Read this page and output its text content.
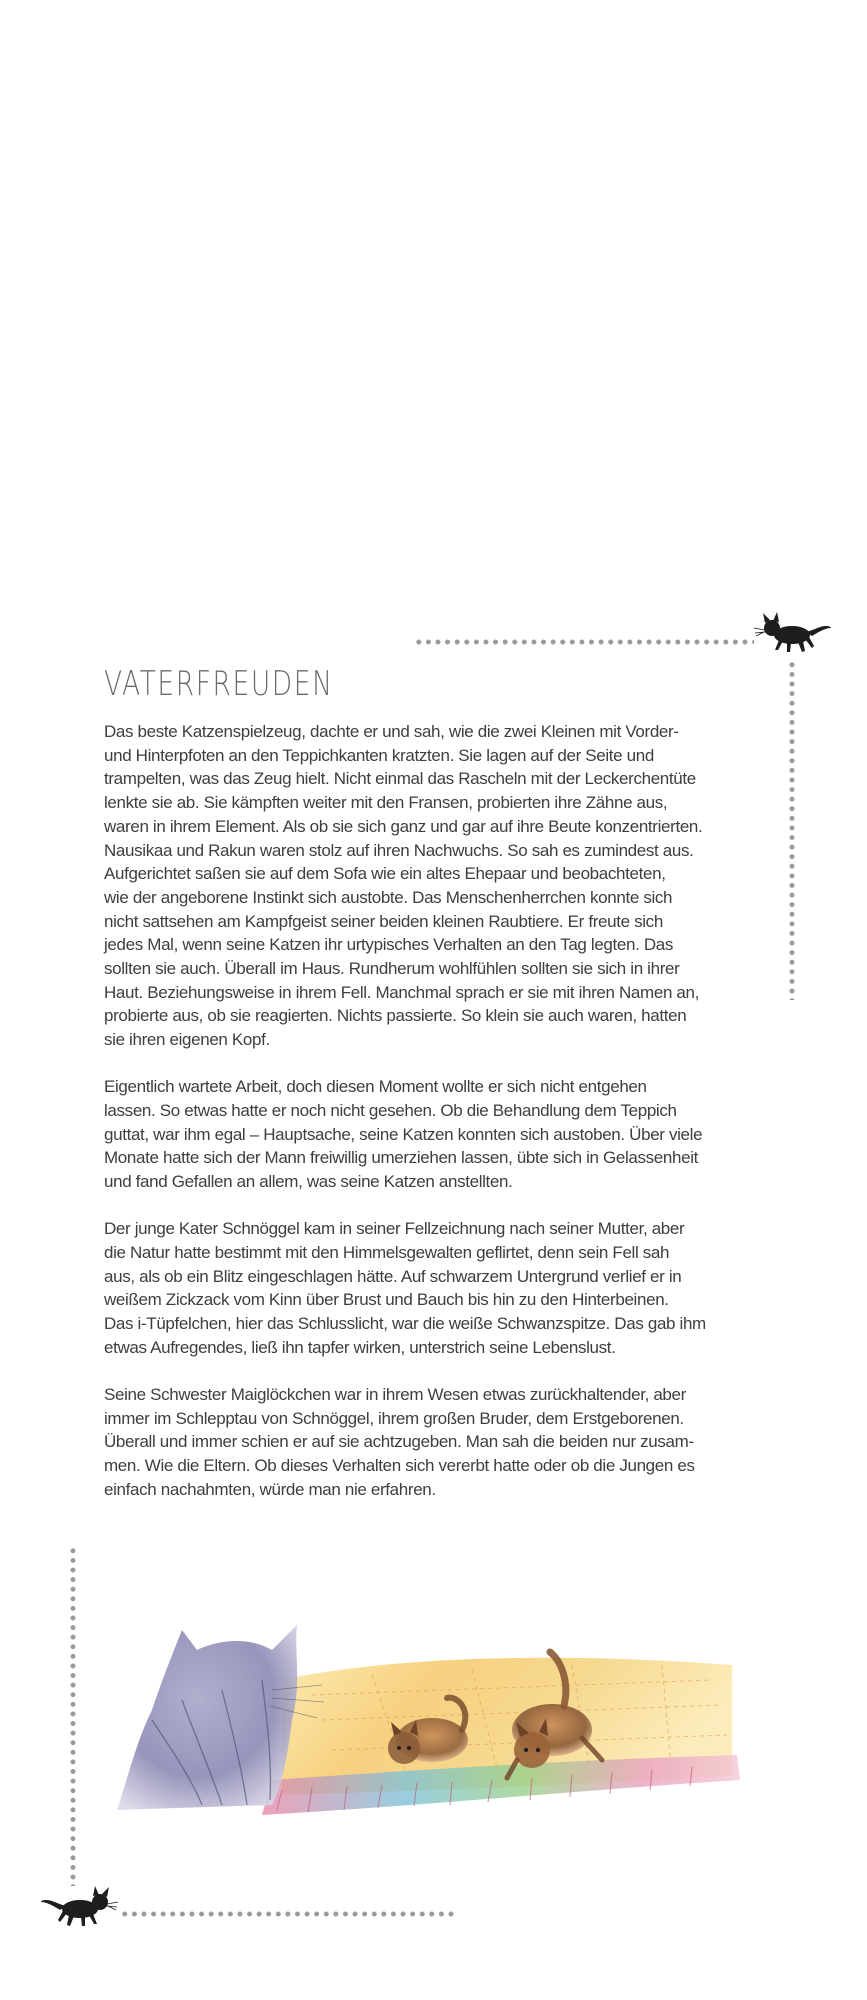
VATERFREUDEN

Das beste Katzenspielzeug, dachte er und sah, wie die zwei Kleinen mit Vorder-
und Hinterpfoten an den Teppichkanten kratzten. Sie lagen auf der Seite und
trampelten, was das Zeug hielt. Nicht einmal das Rascheln mit der Leckerchentüte
lenkte sie ab. Sie kämpften weiter mit den Fransen, probierten ihre Zähne aus,
waren in ihrem Element. Als ob sie sich ganz und gar auf ihre Beute konzentrierten.
Nausikaa und Rakun waren stolz auf ihren Nachwuchs. So sah es zumindest aus.
Aufgerichtet saßen sie auf dem Sofa wie ein altes Ehepaar und beobachteten,
wie der angeborene Instinkt sich austobte. Das Menschenherrchen konnte sich
nicht sattsehen am Kampfgeist seiner beiden kleinen Raubtiere. Er freute sich
jedes Mal, wenn seine Katzen ihr urtypisches Verhalten an den Tag legten. Das
sollten sie auch. Überall im Haus. Rundherum wohlfühlen sollten sie sich in ihrer
Haut. Beziehungsweise in ihrem Fell. Manchmal sprach er sie mit ihren Namen an,
probierte aus, ob sie reagierten. Nichts passierte. So klein sie auch waren, hatten
sie ihren eigenen Kopf.

Eigentlich wartete Arbeit, doch diesen Moment wollte er sich nicht entgehen
lassen. So etwas hatte er noch nicht gesehen. Ob die Behandlung dem Teppich
guttat, war ihm egal – Hauptsache, seine Katzen konnten sich austoben. Über viele
Monate hatte sich der Mann freiwillig umerziehen lassen, übte sich in Gelassenheit
und fand Gefallen an allem, was seine Katzen anstellten.

Der junge Kater Schnöggel kam in seiner Fellzeichnung nach seiner Mutter, aber
die Natur hatte bestimmt mit den Himmelsgewalten geflirtet, denn sein Fell sah
aus, als ob ein Blitz eingeschlagen hätte. Auf schwarzem Untergrund verlief er in
weißem Zickzack vom Kinn über Brust und Bauch bis hin zu den Hinterbeinen.
Das i-Tüpfelchen, hier das Schlusslicht, war die weiße Schwanzspitze. Das gab ihm
etwas Aufregendes, ließ ihn tapfer wirken, unterstrich seine Lebenslust.

Seine Schwester Maiglöckchen war in ihrem Wesen etwas zurückhaltender, aber
immer im Schlepptau von Schnöggel, ihrem großen Bruder, dem Erstgeborenen.
Überall und immer schien er auf sie achtzugeben. Man sah die beiden nur zusam-
men. Wie die Eltern. Ob dieses Verhalten sich vererbt hatte oder ob die Jungen es
einfach nachahmten, würde man nie erfahren.
